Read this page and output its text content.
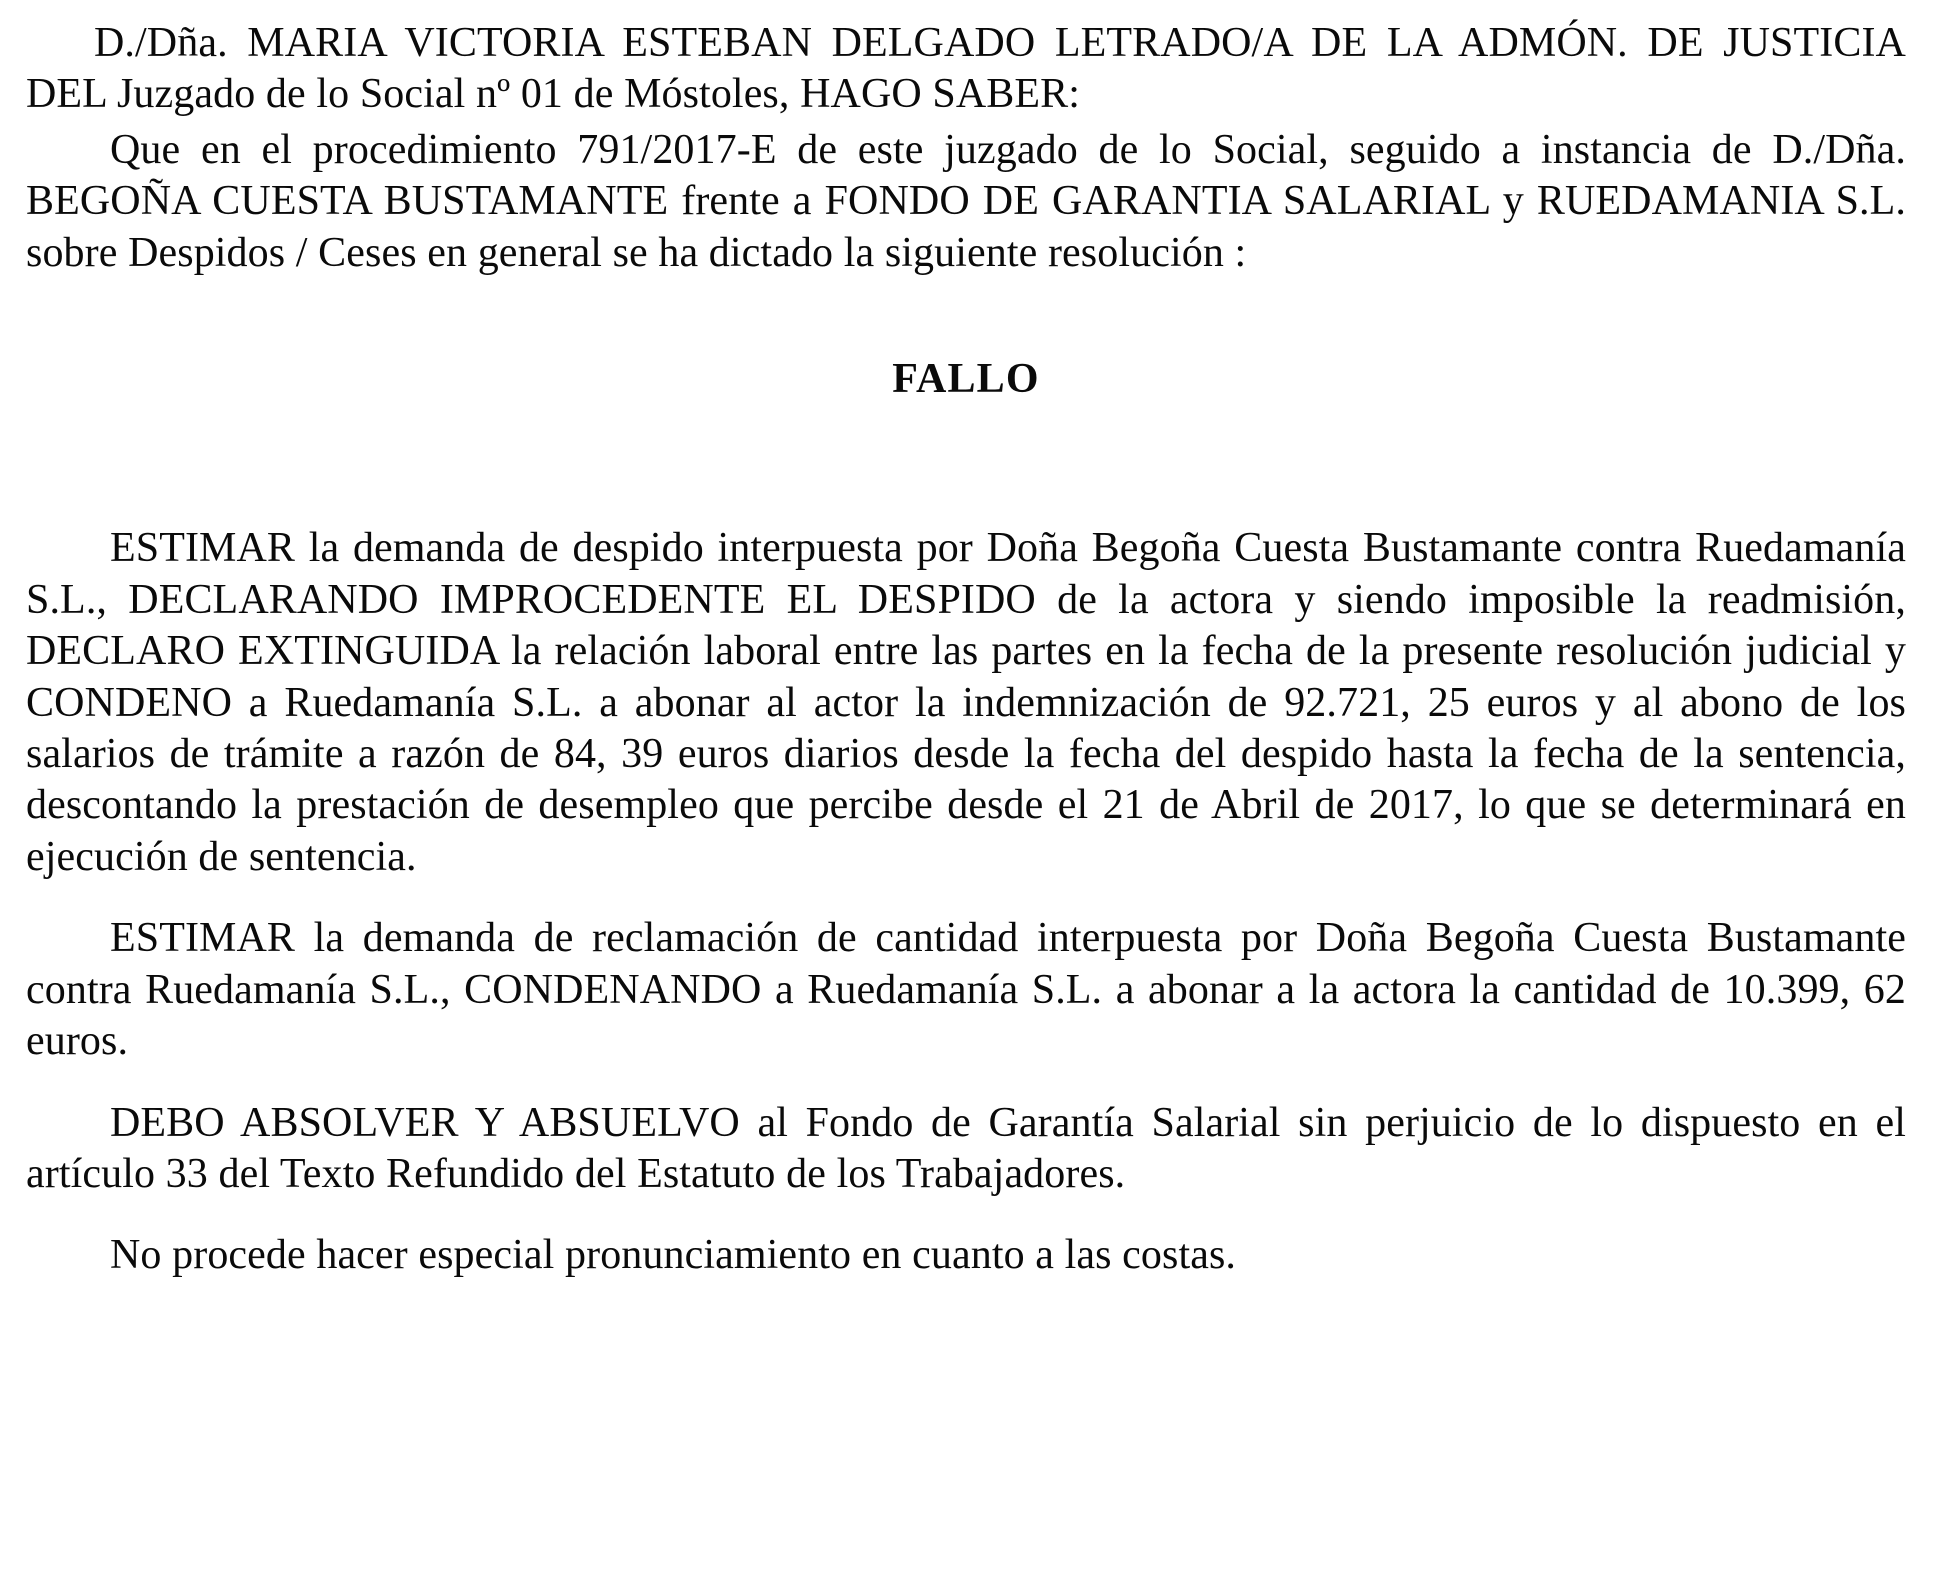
D./Dña. MARIA VICTORIA ESTEBAN DELGADO LETRADO/A DE LA ADMÓN. DE JUSTICIA DEL Juzgado de lo Social nº 01 de Móstoles, HAGO SABER:

Que en el procedimiento 791/2017-E de este juzgado de lo Social, seguido a instancia de D./Dña. BEGOÑA CUESTA BUSTAMANTE frente a FONDO DE GARANTIA SALARIAL y RUEDAMANIA S.L. sobre Despidos / Ceses en general se ha dictado la siguiente resolución :

FALLO

ESTIMAR la demanda de despido interpuesta por Doña Begoña Cuesta Bustamante contra Ruedamanía S.L., DECLARANDO IMPROCEDENTE EL DESPIDO de la actora y siendo imposible la readmisión, DECLARO EXTINGUIDA la relación laboral entre las partes en la fecha de la presente resolución judicial y CONDENO a Ruedamanía S.L. a abonar al actor la indemnización de 92.721, 25 euros y al abono de los salarios de trámite a razón de 84, 39 euros diarios desde la fecha del despido hasta la fecha de la sentencia, descontando la prestación de desempleo que percibe desde el 21 de Abril de 2017, lo que se determinará en ejecución de sentencia.

ESTIMAR la demanda de reclamación de cantidad interpuesta por Doña Begoña Cuesta Bustamante contra Ruedamanía S.L., CONDENANDO a Ruedamanía S.L. a abonar a la actora la cantidad de 10.399, 62 euros.

DEBO ABSOLVER Y ABSUELVO al Fondo de Garantía Salarial sin perjuicio de lo dispuesto en el artículo 33 del Texto Refundido del Estatuto de los Trabajadores.

No procede hacer especial pronunciamiento en cuanto a las costas.
